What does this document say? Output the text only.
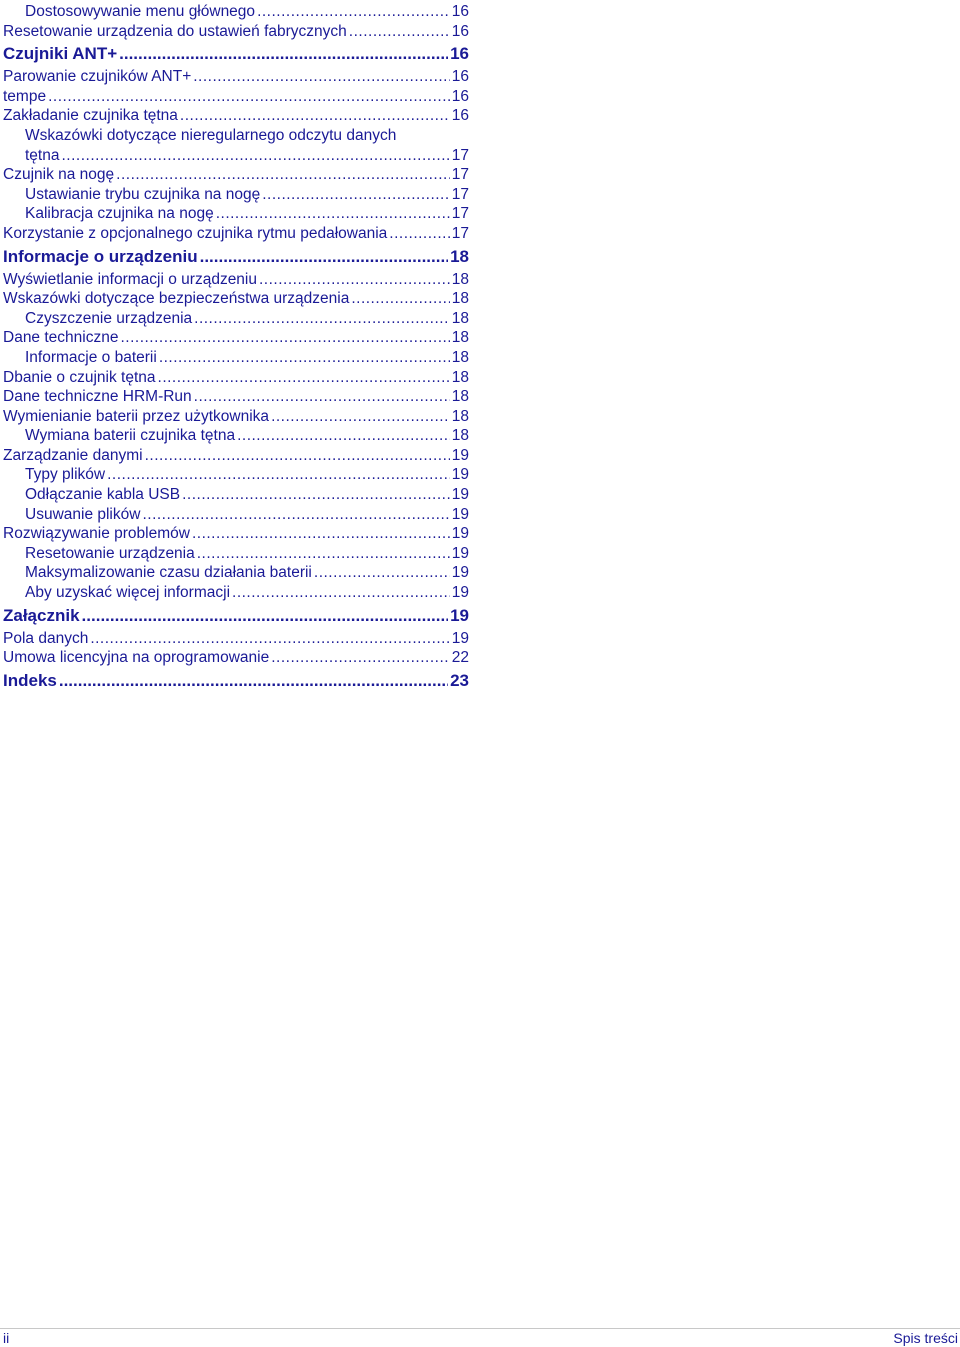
Dostosowywanie menu głównego .....	16
Resetowanie urządzenia do ustawień fabrycznych .....	16
Czujniki ANT+ .....	16
Parowanie czujników ANT+ .....	16
tempe .....	16
Zakładanie czujnika tętna .....	16
Wskazówki dotyczące nieregularnego odczytu danych
tętna .....	17
Czujnik na nogę .....	17
Ustawianie trybu czujnika na nogę .....	17
Kalibracja czujnika na nogę .....	17
Korzystanie z opcjonalnego czujnika rytmu pedałowania .....	17
Informacje o urządzeniu .....	18
Wyświetlanie informacji o urządzeniu .....	18
Wskazówki dotyczące bezpieczeństwa urządzenia .....	18
Czyszczenie urządzenia .....	18
Dane techniczne .....	18
Informacje o baterii .....	18
Dbanie o czujnik tętna .....	18
Dane techniczne HRM-Run .....	18
Wymienianie baterii przez użytkownika .....	18
Wymiana baterii czujnika tętna .....	18
Zarządzanie danymi .....	19
Typy plików .....	19
Odłączanie kabla USB .....	19
Usuwanie plików .....	19
Rozwiązywanie problemów .....	19
Resetowanie urządzenia .....	19
Maksymalizowanie czasu działania baterii .....	19
Aby uzyskać więcej informacji .....	19
Załącznik .....	19
Pola danych .....	19
Umowa licencyjna na oprogramowanie .....	22
Indeks .....	23
ii	Spis treści
